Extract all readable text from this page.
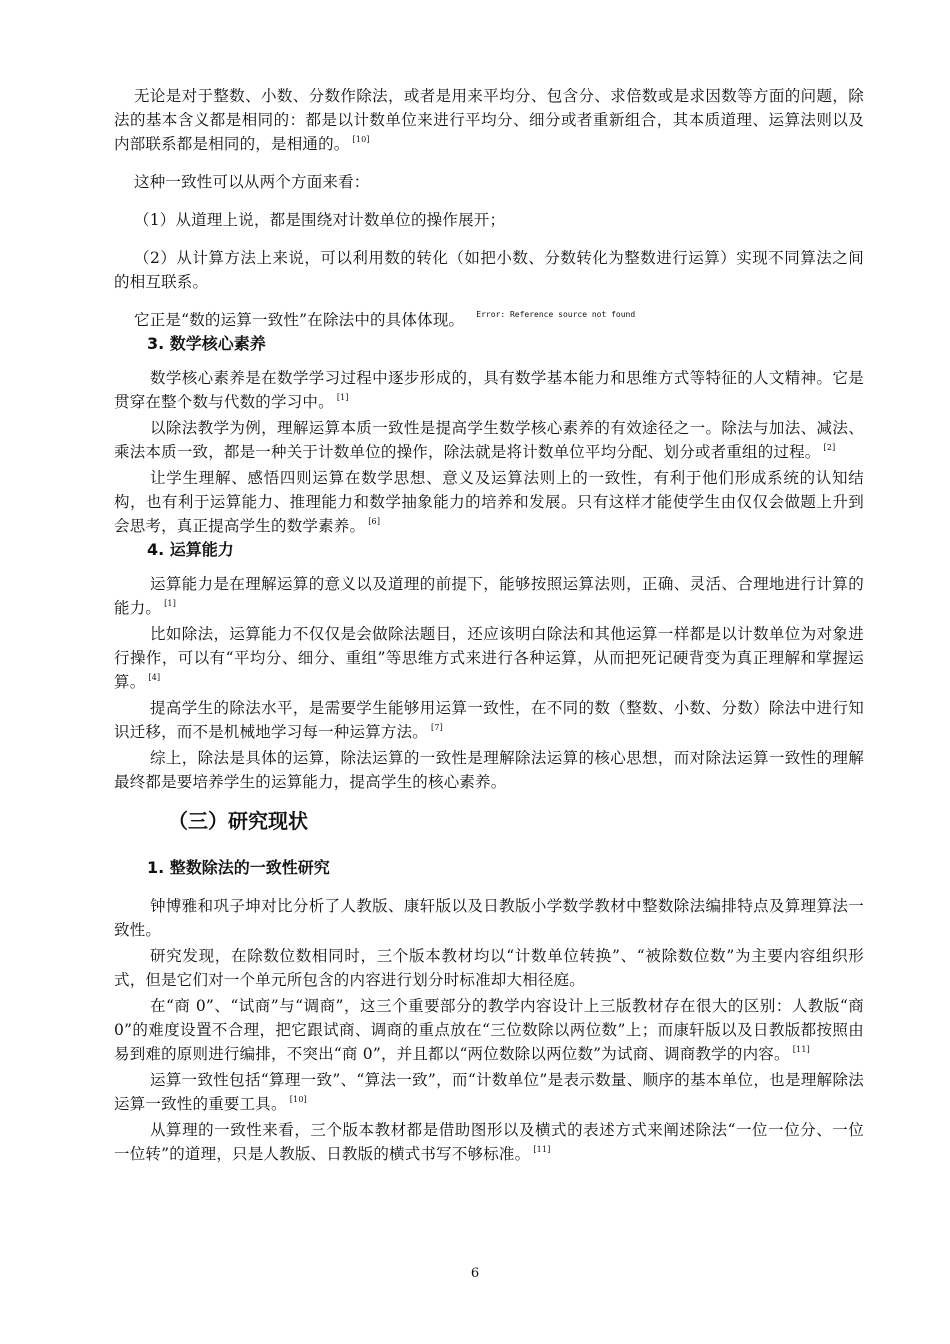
无论是对于整数、小数、分数作除法，或者是用来平均分、包含分、求倍数或是求因数等方面的问题，除法的基本含义都是相同的：都是以计数单位来进行平均分、细分或者重新组合，其本质道理、运算法则以及内部联系都是相同的，是相通的。 [10]

这种一致性可以从两个方面来看：

（1）从道理上说，都是围绕对计数单位的操作展开；

（2）从计算方法上来说，可以利用数的转化（如把小数、分数转化为整数进行运算）实现不同算法之间的相互联系。

它正是“数的运算一致性”在除法中的具体体现。 $^{Error: Reference source not found}$

3. 数学核心素养

数学核心素养是在数学学习过程中逐步形成的，具有数学基本能力和思维方式等特征的人文精神。它是贯穿在整个数与代数的学习中。 [1]

以除法教学为例，理解运算本质一致性是提高学生数学核心素养的有效途径之一。除法与加法、减法、乘法本质一致，都是一种关于计数单位的操作，除法就是将计数单位平均分配、划分或者重组的过程。 [2]

让学生理解、感悟四则运算在数学思想、意义及运算法则上的一致性，有利于他们形成系统的认知结构，也有利于运算能力、推理能力和数学抽象能力的培养和发展。只有这样才能使学生由仅仅会做题上升到会思考，真正提高学生的数学素养。 [6]

4. 运算能力

运算能力是在理解运算的意义以及道理的前提下，能够按照运算法则，正确、灵活、合理地进行计算的能力。 [1]

比如除法，运算能力不仅仅是会做除法题目，还应该明白除法和其他运算一样都是以计数单位为对象进行操作，可以有“平均分、细分、重组”等思维方式来进行各种运算，从而把死记硬背变为真正理解和掌握运算。 [4]

提高学生的除法水平，是需要学生能够用运算一致性，在不同的数（整数、小数、分数）除法中进行知识迁移，而不是机械地学习每一种运算方法。 [7]

综上，除法是具体的运算，除法运算的一致性是理解除法运算的核心思想，而对除法运算一致性的理解最终都是要培养学生的运算能力，提高学生的核心素养。

（三）研究现状
1. 整数除法的一致性研究

钟博雅和巩子坤对比分析了人教版、康轩版以及日教版小学数学教材中整数除法编排特点及算理算法一致性。

研究发现，在除数位数相同时，三个版本教材均以“计数单位转换”、“被除数位数”为主要内容组织形式，但是它们对一个单元所包含的内容进行划分时标准却大相径庭。

在“商 0”、“试商”与“调商”，这三个重要部分的教学内容设计上三版教材存在很大的区别：人教版“商 0”的难度设置不合理，把它跟试商、调商的重点放在“三位数除以两位数”上；而康轩版以及日教版都按照由易到难的原则进行编排，不突出“商 0”，并且都以“两位数除以两位数”为试商、调商教学的内容。 [11]

运算一致性包括“算理一致”、“算法一致”，而“计数单位”是表示数量、顺序的基本单位，也是理解除法运算一致性的重要工具。 [10]

从算理的一致性来看，三个版本教材都是借助图形以及横式的表述方式来阐述除法“一位一位分、一位一位转”的道理，只是人教版、日教版的横式书写不够标准。 [11]

6
